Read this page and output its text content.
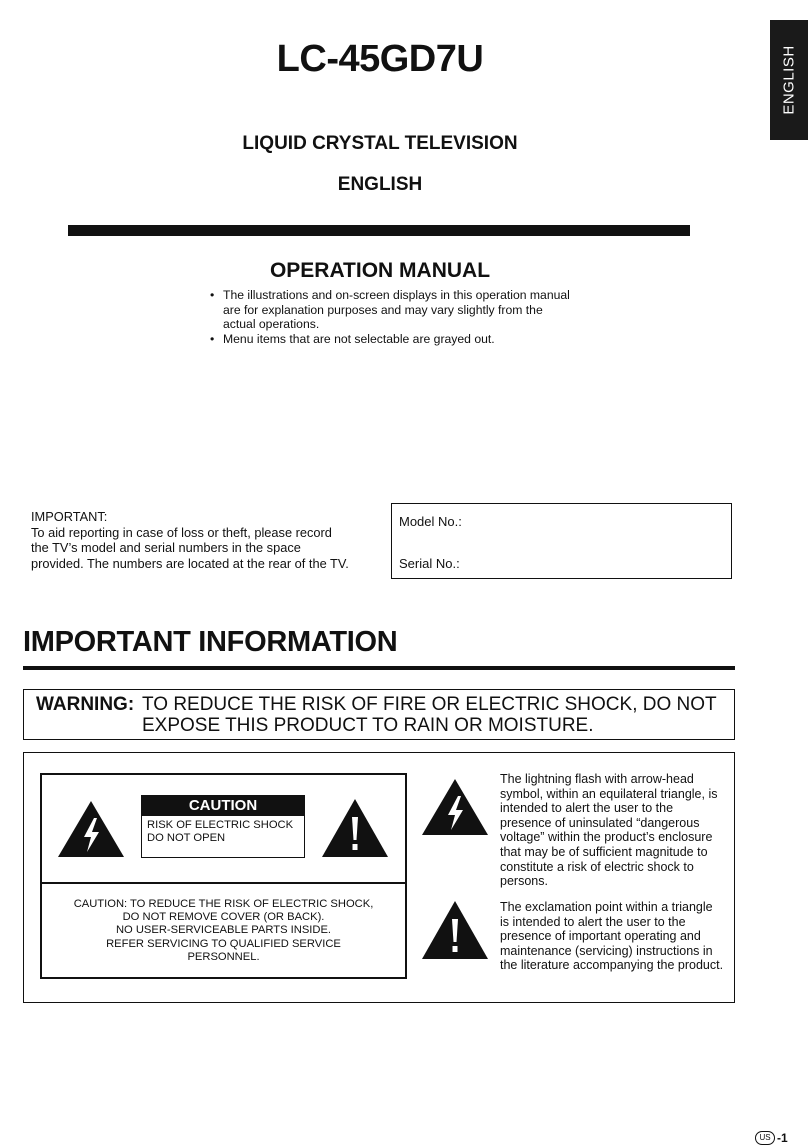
ENGLISH
LC-45GD7U
LIQUID CRYSTAL TELEVISION
ENGLISH
OPERATION MANUAL
• The illustrations and on-screen displays in this operation manual are for explanation purposes and may vary slightly from the actual operations.
• Menu items that are not selectable are grayed out.
IMPORTANT:
To aid reporting in case of loss or theft, please record the TV’s model and serial numbers in the space provided. The numbers are located at the rear of the TV.
Model No.:
Serial No.:
IMPORTANT INFORMATION
WARNING: TO REDUCE THE RISK OF FIRE OR ELECTRIC SHOCK, DO NOT EXPOSE THIS PRODUCT TO RAIN OR MOISTURE.
CAUTION
RISK OF ELECTRIC SHOCK
DO NOT OPEN
CAUTION: TO REDUCE THE RISK OF ELECTRIC SHOCK,
DO NOT REMOVE COVER (OR BACK).
NO USER-SERVICEABLE PARTS INSIDE.
REFER SERVICING TO QUALIFIED SERVICE
PERSONNEL.
The lightning flash with arrow-head symbol, within an equilateral triangle, is intended to alert the user to the presence of uninsulated “dangerous voltage” within the product’s enclosure that may be of sufficient magnitude to constitute a risk of electric shock to persons.
The exclamation point within a triangle is intended to alert the user to the presence of important operating and maintenance (servicing) instructions in the literature accompanying the product.
US -1
